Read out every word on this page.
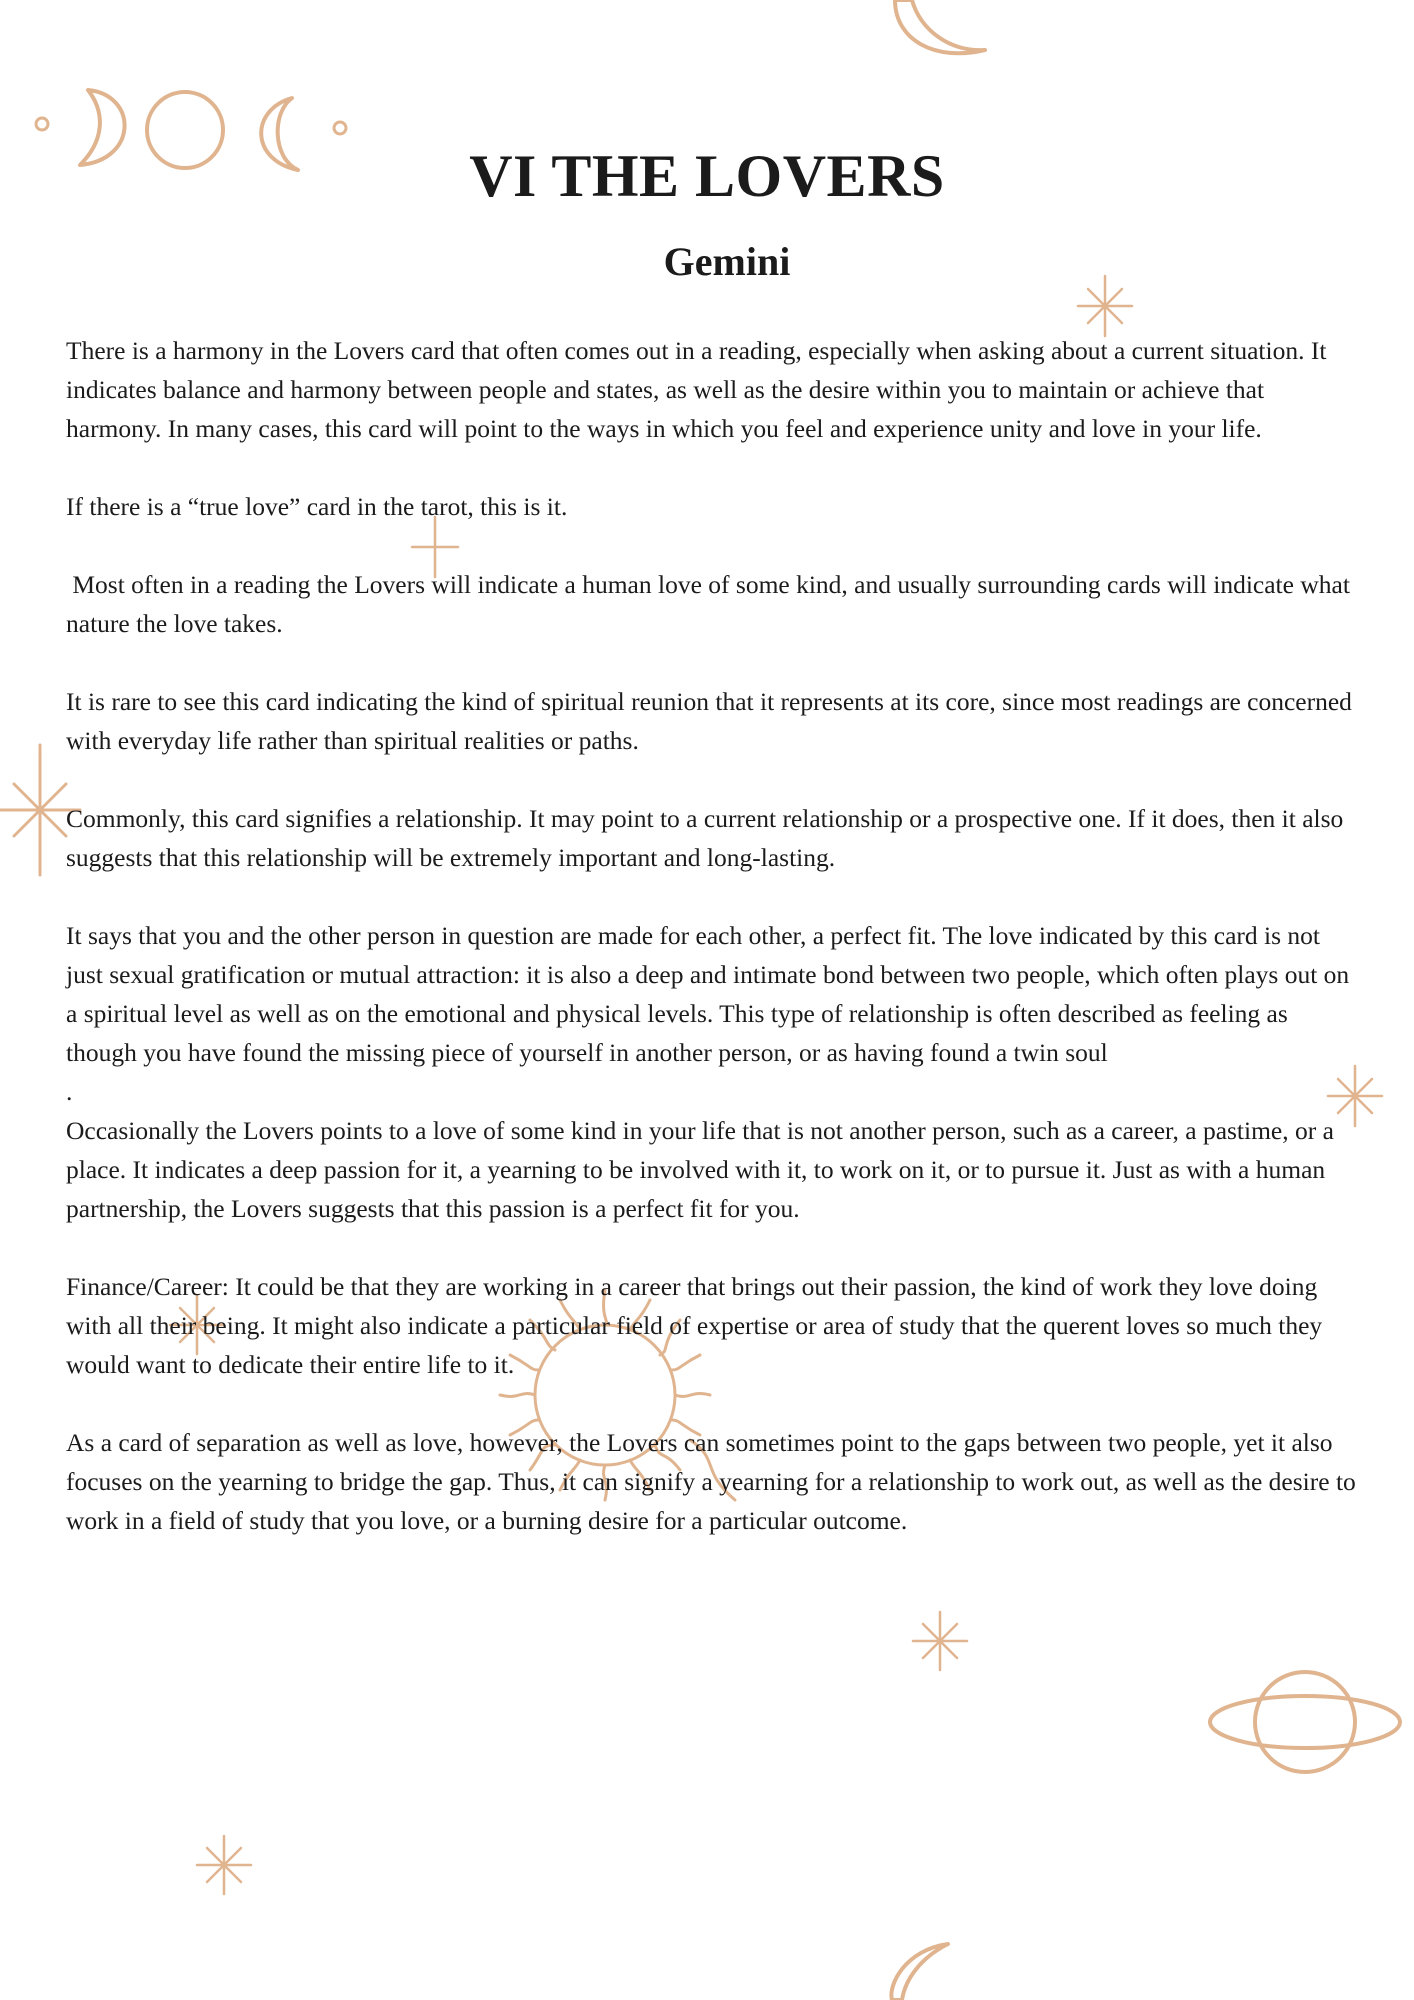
VI THE LOVERS
Gemini

There is a harmony in the Lovers card that often comes out in a reading, especially when asking about a current situation. It indicates balance and harmony between people and states, as well as the desire within you to maintain or achieve that harmony. In many cases, this card will point to the ways in which you feel and experience unity and love in your life.

If there is a “true love” card in the tarot, this is it.

Most often in a reading the Lovers will indicate a human love of some kind, and usually surrounding cards will indicate what nature the love takes.

It is rare to see this card indicating the kind of spiritual reunion that it represents at its core, since most readings are concerned with everyday life rather than spiritual realities or paths.

Commonly, this card signifies a relationship. It may point to a current relationship or a prospective one. If it does, then it also suggests that this relationship will be extremely important and long-lasting.

It says that you and the other person in question are made for each other, a perfect fit. The love indicated by this card is not just sexual gratification or mutual attraction: it is also a deep and intimate bond between two people, which often plays out on a spiritual level as well as on the emotional and physical levels. This type of relationship is often described as feeling as though you have found the missing piece of yourself in another person, or as having found a twin soul

.

Occasionally the Lovers points to a love of some kind in your life that is not another person, such as a career, a pastime, or a place. It indicates a deep passion for it, a yearning to be involved with it, to work on it, or to pursue it. Just as with a human partnership, the Lovers suggests that this passion is a perfect fit for you.

Finance/Career: It could be that they are working in a career that brings out their passion, the kind of work they love doing with all their being. It might also indicate a particular field of expertise or area of study that the querent loves so much they would want to dedicate their entire life to it.

As a card of separation as well as love, however, the Lovers can sometimes point to the gaps between two people, yet it also focuses on the yearning to bridge the gap. Thus, it can signify a yearning for a relationship to work out, as well as the desire to work in a field of study that you love, or a burning desire for a particular outcome.
